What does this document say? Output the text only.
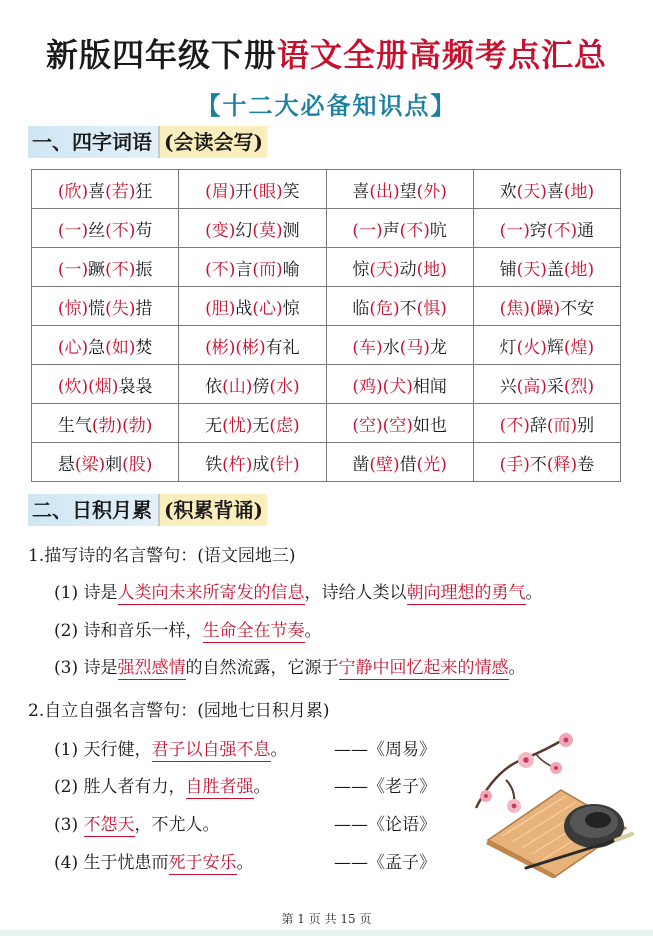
新版四年级下册语文全册高频考点汇总
【十二大必备知识点】
一、四字词语 (会读会写)
(欣)喜(若)狂	(眉)开(眼)笑	喜(出)望(外)	欢(天)喜(地)
(一)丝(不)苟	(变)幻(莫)测	(一)声(不)吭	(一)窍(不)通
(一)蹶(不)振	(不)言(而)喻	惊(天)动(地)	铺(天)盖(地)
(惊)慌(失)措	(胆)战(心)惊	临(危)不(惧)	(焦)(躁)不安
(心)急(如)焚	(彬)(彬)有礼	(车)水(马)龙	灯(火)辉(煌)
(炊)(烟)袅袅	依(山)傍(水)	(鸡)(犬)相闻	兴(高)采(烈)
生气(勃)(勃)	无(忧)无(虑)	(空)(空)如也	(不)辞(而)别
悬(梁)刺(股)	铁(杵)成(针)	凿(壁)借(光)	(手)不(释)卷
二、日积月累 (积累背诵)
1.描写诗的名言警句：(语文园地三)
(1) 诗是人类向未来所寄发的信息，诗给人类以朝向理想的勇气。
(2) 诗和音乐一样，生命全在节奏。
(3) 诗是强烈感情的自然流露，它源于宁静中回忆起来的情感。
2.自立自强名言警句：(园地七日积月累)
(1) 天行健，君子以自强不息。	——《周易》
(2) 胜人者有力，自胜者强。	——《老子》
(3) 不怨天，不尤人。	——《论语》
(4) 生于忧患而死于安乐。	——《孟子》
第 1 页 共 15 页
